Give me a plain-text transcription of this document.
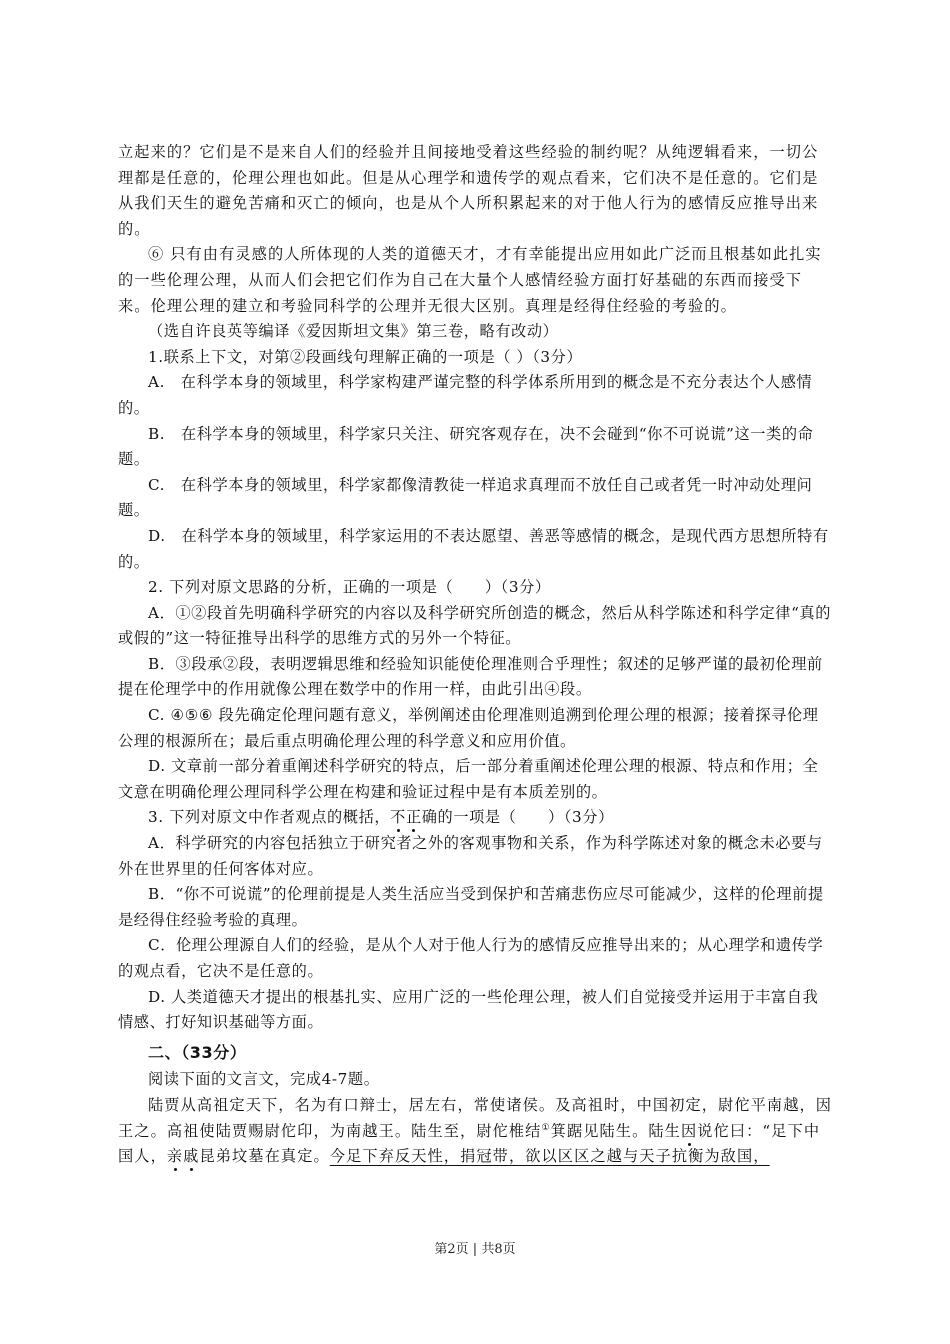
立起来的？它们是不是来自人们的经验并且间接地受着这些经验的制约呢？从纯逻辑看来，一切公理都是任意的，伦理公理也如此。但是从心理学和遗传学的观点看来，它们决不是任意的。它们是从我们天生的避免苦痛和灭亡的倾向，也是从个人所积累起来的对于他人行为的感情反应推导出来的。

⑥ 只有由有灵感的人所体现的人类的道德天才，才有幸能提出应用如此广泛而且根基如此扎实的一些伦理公理，从而人们会把它们作为自己在大量个人感情经验方面打好基础的东西而接受下来。伦理公理的建立和考验同科学的公理并无很大区别。真理是经得住经验的考验的。

（选自许良英等编译《爱因斯坦文集》第三卷，略有改动）

1.联系上下文，对第②段画线句理解正确的一项是（ ）（3分）

A.　在科学本身的领域里，科学家构建严谨完整的科学体系所用到的概念是不充分表达个人感情的。

B.　在科学本身的领域里，科学家只关注、研究客观存在，决不会碰到“你不可说谎”这一类的命题。

C.　在科学本身的领域里，科学家都像清教徒一样追求真理而不放任自己或者凭一时冲动处理问题。

D.　在科学本身的领域里，科学家运用的不表达愿望、善恶等感情的概念，是现代西方思想所特有的。

2. 下列对原文思路的分析，正确的一项是（　　）（3分）

A．①②段首先明确科学研究的内容以及科学研究所创造的概念，然后从科学陈述和科学定律“真的或假的”这一特征推导出科学的思维方式的另外一个特征。

B．③段承②段，表明逻辑思维和经验知识能使伦理准则合乎理性；叙述的足够严谨的最初伦理前提在伦理学中的作用就像公理在数学中的作用一样，由此引出④段。

C. ④⑤⑥ 段先确定伦理问题有意义，举例阐述由伦理准则追溯到伦理公理的根源；接着探寻伦理公理的根源所在；最后重点明确伦理公理的科学意义和应用价值。

D. 文章前一部分着重阐述科学研究的特点，后一部分着重阐述伦理公理的根源、特点和作用；全文意在明确伦理公理同科学公理在构建和验证过程中是有本质差别的。

3. 下列对原文中作者观点的概括，不正确的一项是（　　）（3分）

A．科学研究的内容包括独立于研究者之外的客观事物和关系，作为科学陈述对象的概念未必要与外在世界里的任何客体对应。

B．“你不可说谎”的伦理前提是人类生活应当受到保护和苦痛悲伤应尽可能减少，这样的伦理前提是经得住经验考验的真理。

C．伦理公理源自人们的经验，是从个人对于他人行为的感情反应推导出来的；从心理学和遗传学的观点看，它决不是任意的。

D. 人类道德天才提出的根基扎实、应用广泛的一些伦理公理，被人们自觉接受并运用于丰富自我情感、打好知识基础等方面。

二、（33分）

阅读下面的文言文，完成4-7题。

陆贾从高祖定天下，名为有口辩士，居左右，常使诸侯。及高祖时，中国初定，尉佗平南越，因王之。高祖使陆贾赐尉佗印，为南越王。陆生至，尉佗椎结①箕踞见陆生。陆生因说佗曰：“足下中国人，亲戚昆弟坟墓在真定。今足下弃反天性，捐冠带，欲以区区之越与天子抗衡为敌国，

第2页 | 共8页
